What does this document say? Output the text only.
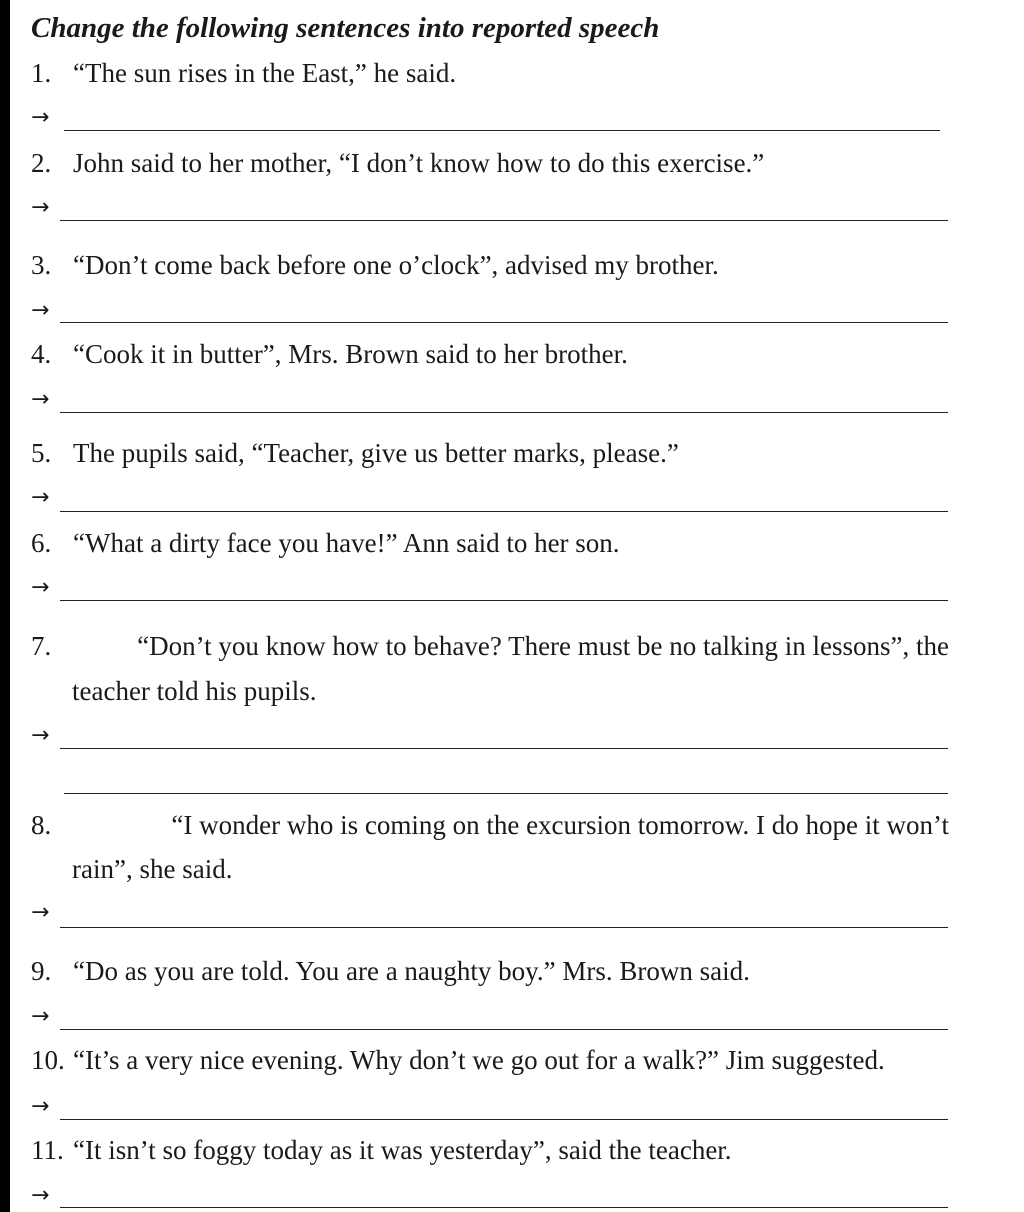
Change the following sentences into reported speech
1. “The sun rises in the East,” he said.
→
2. John said to her mother, “I don’t know how to do this exercise.”
→
3. “Don’t come back before one o’clock”, advised my brother.
→
4. “Cook it in butter”, Mrs. Brown said to her brother.
→
5. The pupils said, “Teacher, give us better marks, please.”
→
6. “What a dirty face you have!” Ann said to her son.
→
7.	“Don’t you know how to behave? There must be no talking in lessons”, the
teacher told his pupils.
→
8.	“I wonder who is coming on the excursion tomorrow. I do hope it won’t
rain”, she said.
→
9. “Do as you are told. You are a naughty boy.” Mrs. Brown said.
→
10. “It’s a very nice evening. Why don’t we go out for a walk?” Jim suggested.
→
11. “It isn’t so foggy today as it was yesterday”, said the teacher.
→
